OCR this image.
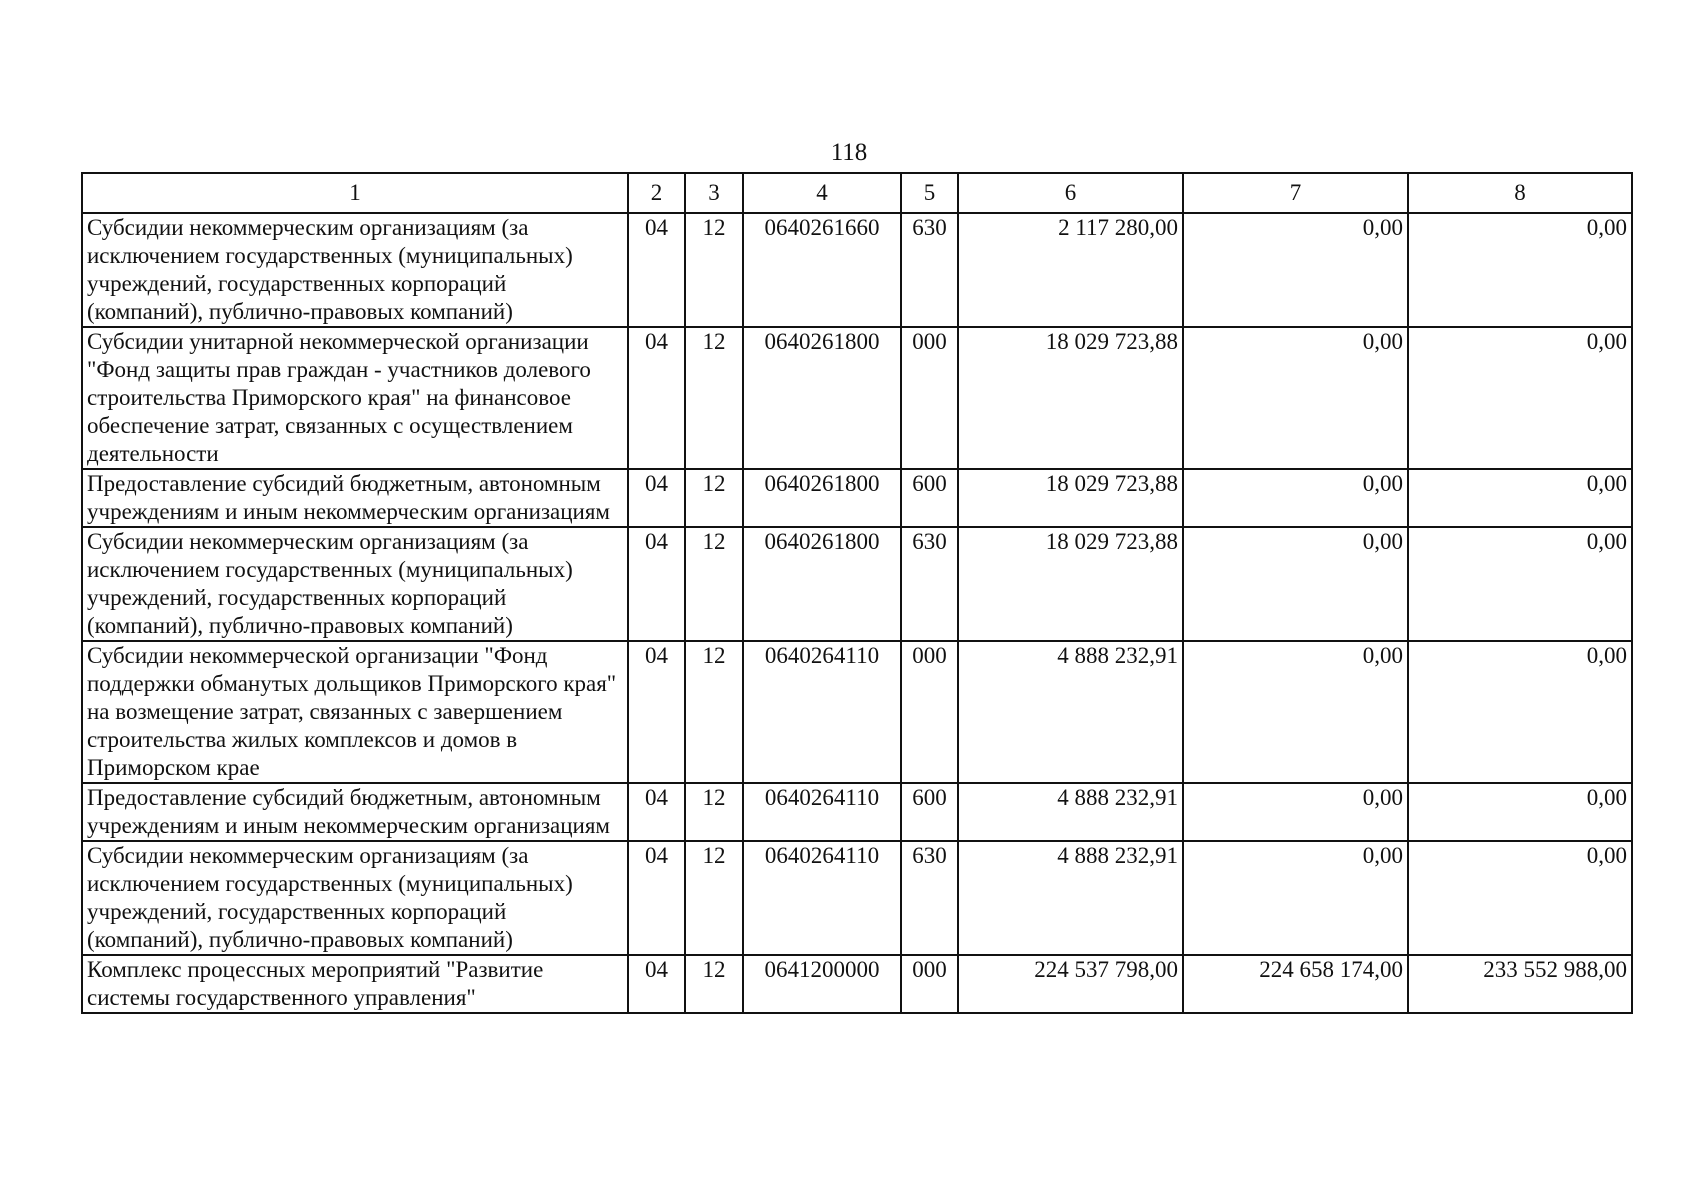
118
1	2	3	4	5	6	7	8
Субсидии некоммерческим организациям (за исключением государственных (муниципальных) учреждений, государственных корпораций (компаний), публично-правовых компаний)	04	12	0640261660	630	2 117 280,00	0,00	0,00
Субсидии унитарной некоммерческой организации "Фонд защиты прав граждан - участников долевого строительства Приморского края" на финансовое обеспечение затрат, связанных с осуществлением деятельности	04	12	0640261800	000	18 029 723,88	0,00	0,00
Предоставление субсидий бюджетным, автономным учреждениям и иным некоммерческим организациям	04	12	0640261800	600	18 029 723,88	0,00	0,00
Субсидии некоммерческим организациям (за исключением государственных (муниципальных) учреждений, государственных корпораций (компаний), публично-правовых компаний)	04	12	0640261800	630	18 029 723,88	0,00	0,00
Субсидии некоммерческой организации "Фонд поддержки обманутых дольщиков Приморского края" на возмещение затрат, связанных с завершением строительства жилых комплексов и домов в Приморском крае	04	12	0640264110	000	4 888 232,91	0,00	0,00
Предоставление субсидий бюджетным, автономным учреждениям и иным некоммерческим организациям	04	12	0640264110	600	4 888 232,91	0,00	0,00
Субсидии некоммерческим организациям (за исключением государственных (муниципальных) учреждений, государственных корпораций (компаний), публично-правовых компаний)	04	12	0640264110	630	4 888 232,91	0,00	0,00
Комплекс процессных мероприятий "Развитие системы государственного управления"	04	12	0641200000	000	224 537 798,00	224 658 174,00	233 552 988,00
